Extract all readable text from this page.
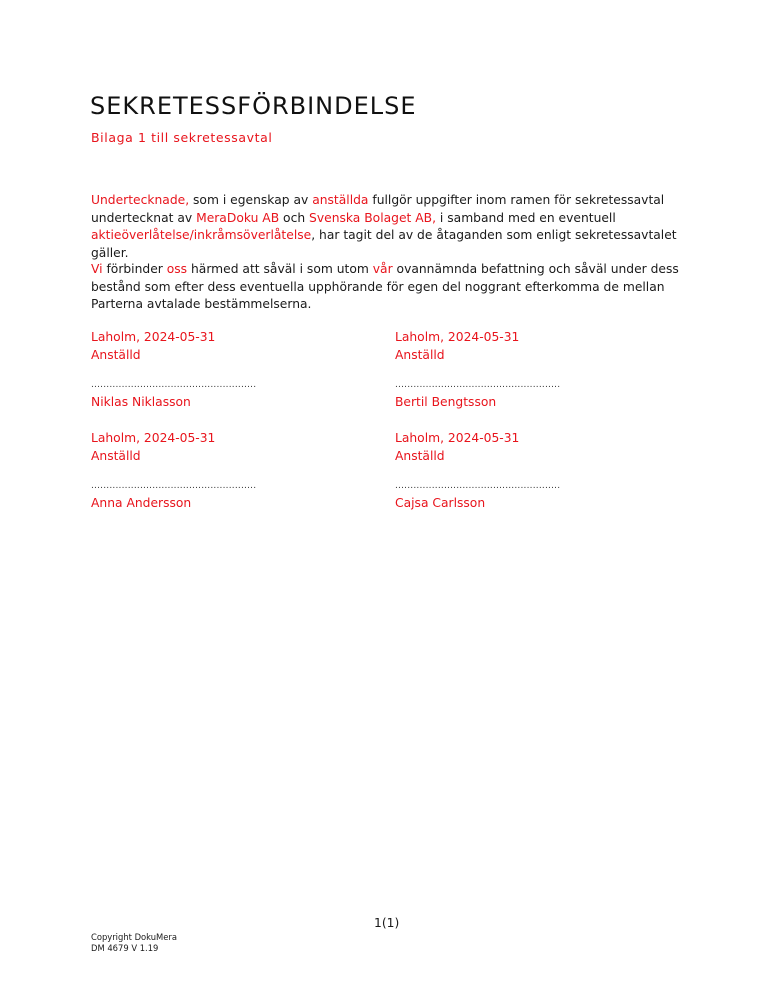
SEKRETESSFÖRBINDELSE
Bilaga 1 till sekretessavtal
Undertecknade, som i egenskap av anställda fullgör uppgifter inom ramen för sekretessavtal undertecknat av MeraDoku AB och Svenska Bolaget AB, i samband med en eventuell aktieöverlåtelse/inkråmsöverlåtelse, har tagit del av de åtaganden som enligt sekretessavtalet gäller.
Vi förbinder oss härmed att såväl i som utom vår ovannämnda befattning och såväl under dess bestånd som efter dess eventuella upphörande för egen del noggrant efterkomma de mellan Parterna avtalade bestämmelserna.
Laholm, 2024-05-31
Anställd
......................................................
Niklas Niklasson
Laholm, 2024-05-31
Anställd
......................................................
Bertil Bengtsson
Laholm, 2024-05-31
Anställd
......................................................
Anna Andersson
Laholm, 2024-05-31
Anställd
......................................................
Cajsa Carlsson
1(1)
Copyright DokuMera
DM 4679 V 1.19
